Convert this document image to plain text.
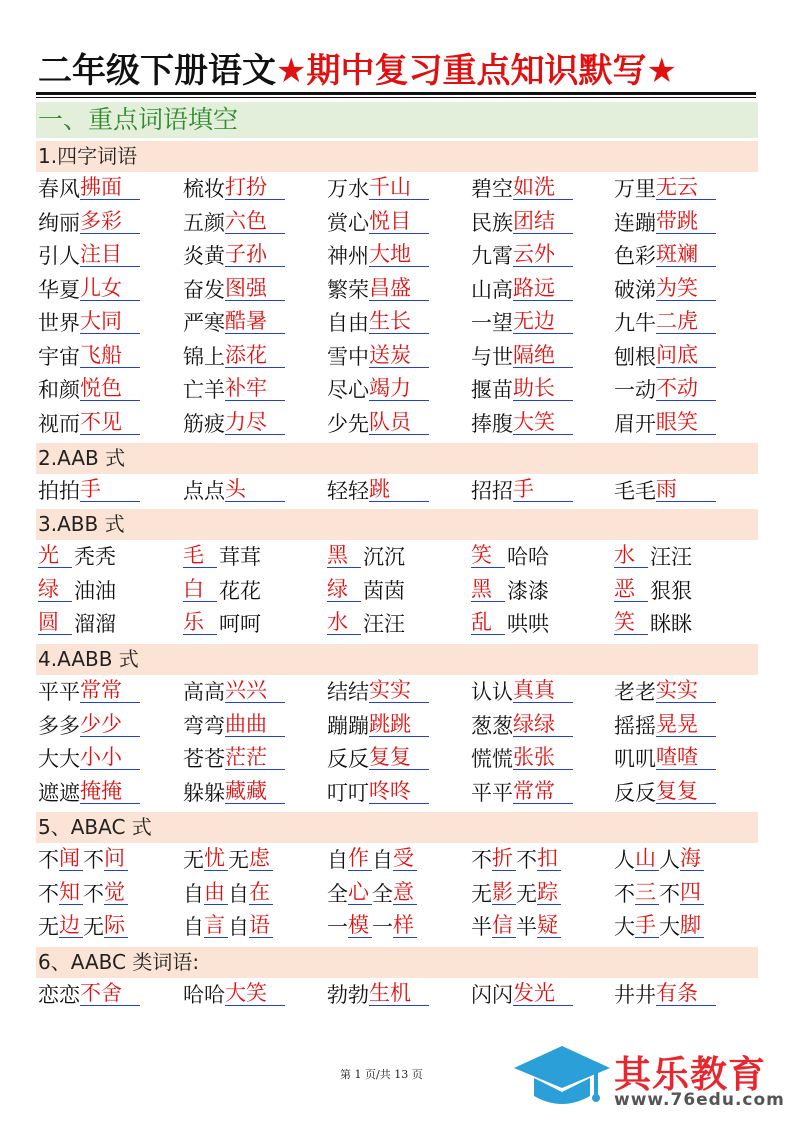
二年级下册语文★期中复习重点知识默写★
一、重点词语填空
1.四字词语
春风拂面	梳妆打扮	万水千山	碧空如洗	万里无云
绚丽多彩	五颜六色	赏心悦目	民族团结	连蹦带跳
引人注目	炎黄子孙	神州大地	九霄云外	色彩斑斓
华夏儿女	奋发图强	繁荣昌盛	山高路远	破涕为笑
世界大同	严寒酷暑	自由生长	一望无边	九牛二虎
宇宙飞船	锦上添花	雪中送炭	与世隔绝	刨根问底
和颜悦色	亡羊补牢	尽心竭力	揠苗助长	一动不动
视而不见	筋疲力尽	少先队员	捧腹大笑	眉开眼笑
2.AAB 式
拍拍手	点点头	轻轻跳	招招手	毛毛雨
3.ABB 式
光 秃秃	毛 茸茸	黑 沉沉	笑 哈哈	水 汪汪
绿 油油	白 花花	绿 茵茵	黑 漆漆	恶 狠狠
圆 溜溜	乐 呵呵	水 汪汪	乱 哄哄	笑 眯眯
4.AABB 式
平平常常	高高兴兴	结结实实	认认真真	老老实实
多多少少	弯弯曲曲	蹦蹦跳跳	葱葱绿绿	摇摇晃晃
大大小小	苍苍茫茫	反反复复	慌慌张张	叽叽喳喳
遮遮掩掩	躲躲藏藏	叮叮咚咚	平平常常	反反复复
5、ABAC 式
不闻 不问	无忧 无虑	自作 自受	不折 不扣	人山 人海
不知 不觉	自由 自在	全心 全意	无影 无踪	不三 不四
无边 无际	自言 自语	一模 一样	半信 半疑	大手 大脚
6、AABC 类词语:
恋恋不舍	哈哈大笑	勃勃生机	闪闪发光	井井有条
第 1 页/共 13 页	其乐教育
www.76edu.com
